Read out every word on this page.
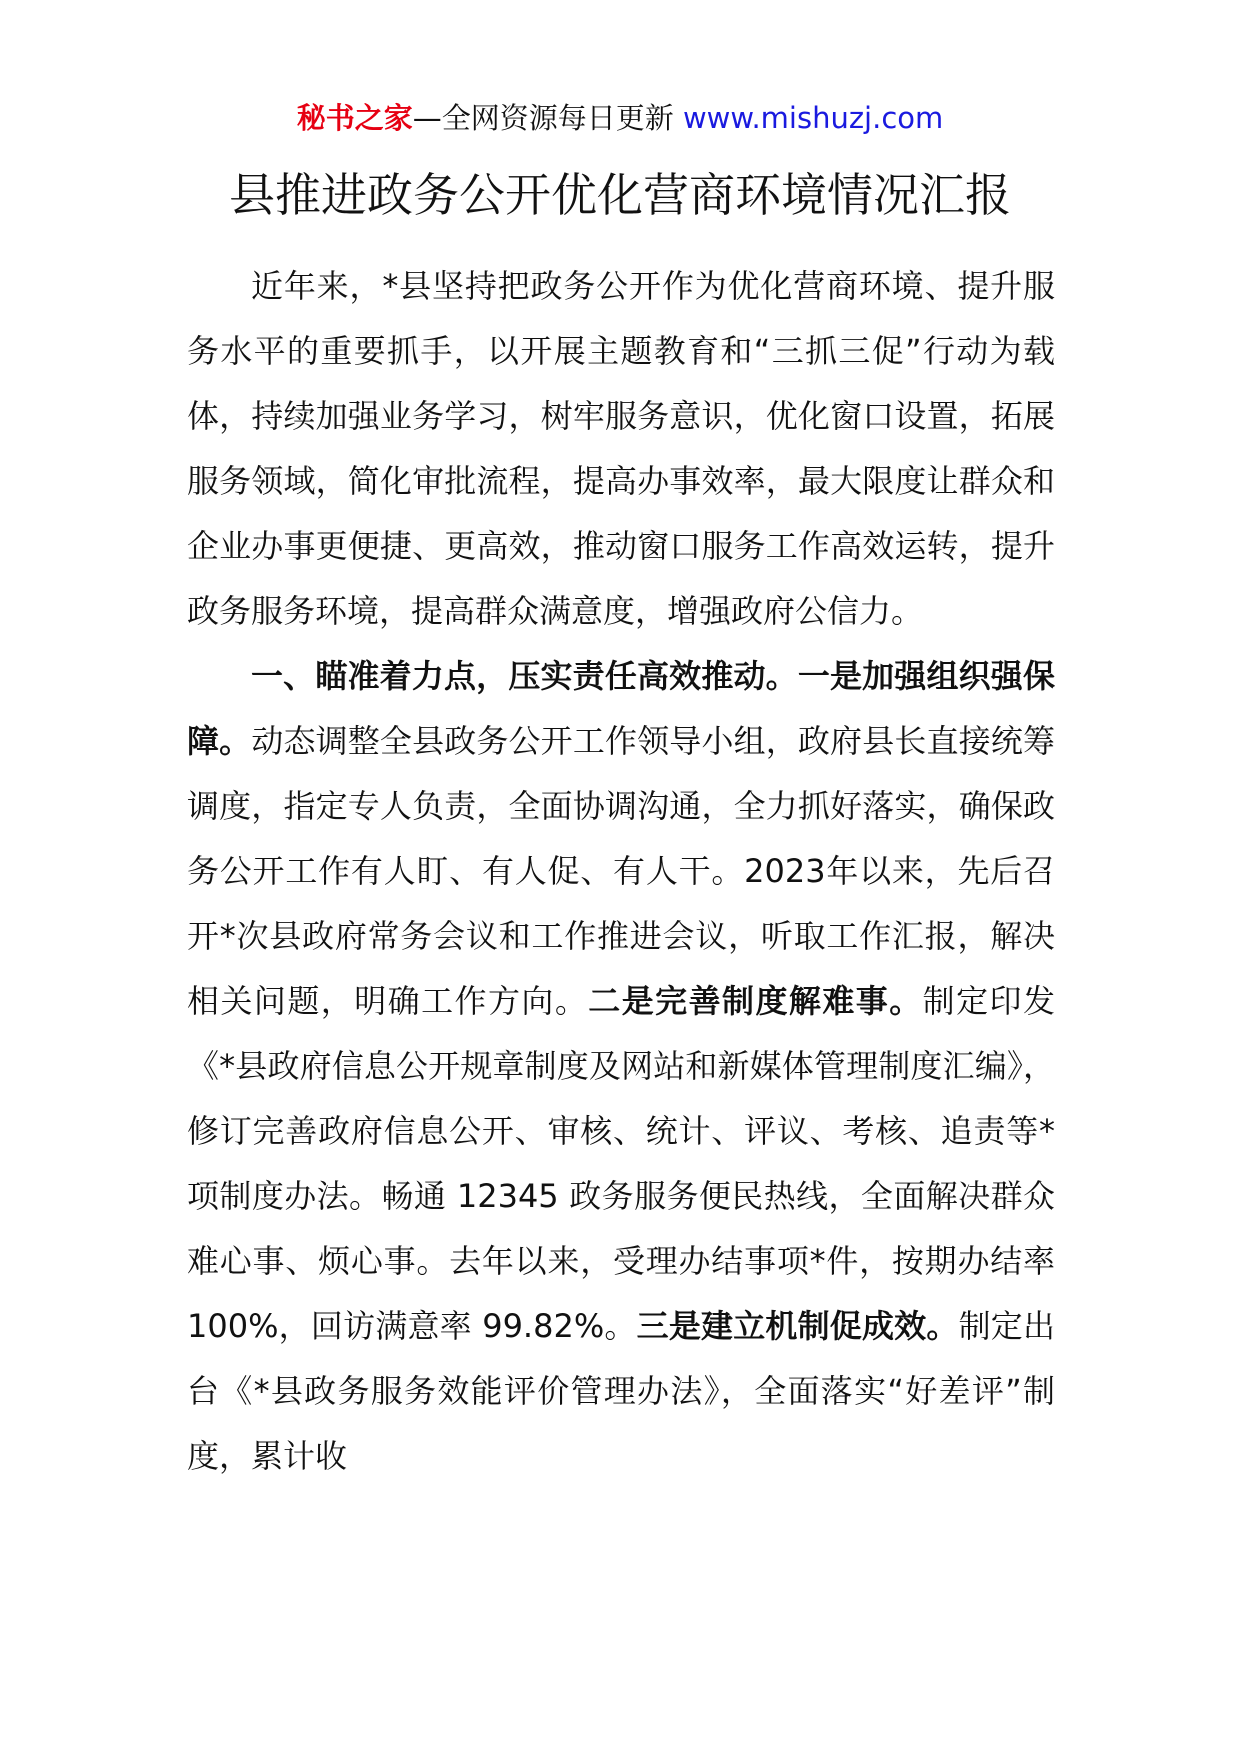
秘书之家—全网资源每日更新 www.mishuzj.com
县推进政务公开优化营商环境情况汇报

近年来，*县坚持把政务公开作为优化营商环境、提升服务水平的重要抓手，以开展主题教育和“三抓三促”行动为载体，持续加强业务学习，树牢服务意识，优化窗口设置，拓展服务领域，简化审批流程，提高办事效率，最大限度让群众和企业办事更便捷、更高效，推动窗口服务工作高效运转，提升政务服务环境，提高群众满意度，增强政府公信力。

一、瞄准着力点，压实责任高效推动。一是加强组织强保障。动态调整全县政务公开工作领导小组，政府县长直接统筹调度，指定专人负责，全面协调沟通，全力抓好落实，确保政务公开工作有人盯、有人促、有人干。2023年以来，先后召开*次县政府常务会议和工作推进会议，听取工作汇报，解决相关问题，明确工作方向。二是完善制度解难事。制定印发《*县政府信息公开规章制度及网站和新媒体管理制度汇编》，修订完善政府信息公开、审核、统计、评议、考核、追责等*项制度办法。畅通 12345 政务服务便民热线，全面解决群众难心事、烦心事。去年以来，受理办结事项*件，按期办结率 100%，回访满意率 99.82%。三是建立机制促成效。制定出台《*县政务服务效能评价管理办法》，全面落实“好差评”制度，累计收
